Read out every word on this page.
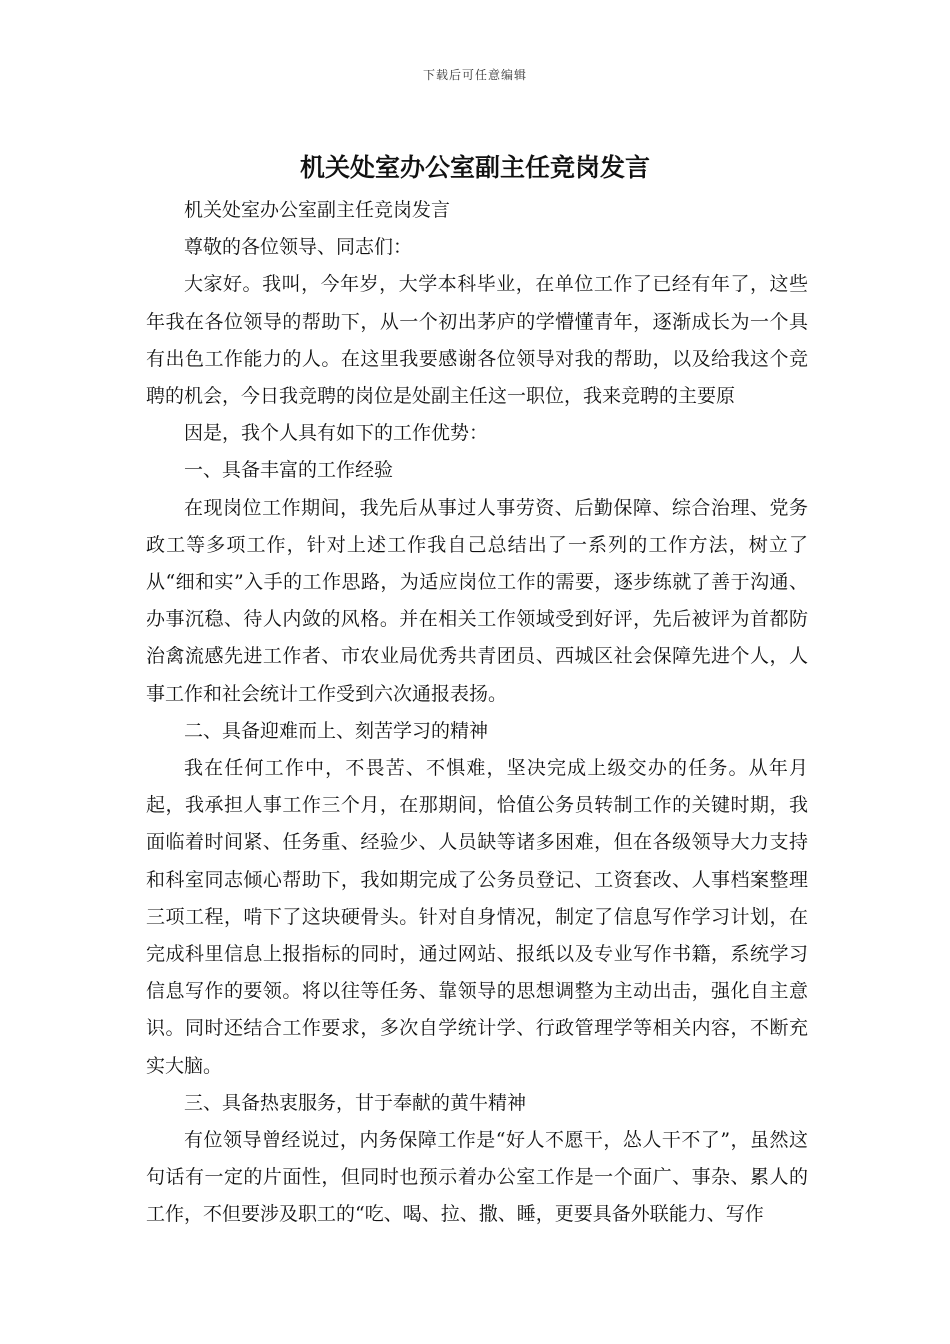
下载后可任意编辑
机关处室办公室副主任竞岗发言

机关处室办公室副主任竞岗发言

尊敬的各位领导、同志们：

大家好。我叫，今年岁，大学本科毕业，在单位工作了已经有年了，这些年我在各位领导的帮助下，从一个初出茅庐的学懵懂青年，逐渐成长为一个具有出色工作能力的人。在这里我要感谢各位领导对我的帮助，以及给我这个竞聘的机会，今日我竞聘的岗位是处副主任这一职位，我来竞聘的主要原

因是，我个人具有如下的工作优势：

一、具备丰富的工作经验

在现岗位工作期间，我先后从事过人事劳资、后勤保障、综合治理、党务政工等多项工作，针对上述工作我自己总结出了一系列的工作方法，树立了从“细和实”入手的工作思路，为适应岗位工作的需要，逐步练就了善于沟通、办事沉稳、待人内敛的风格。并在相关工作领域受到好评，先后被评为首都防治禽流感先进工作者、市农业局优秀共青团员、西城区社会保障先进个人，人事工作和社会统计工作受到六次通报表扬。

二、具备迎难而上、刻苦学习的精神

我在任何工作中，不畏苦、不惧难，坚决完成上级交办的任务。从年月起，我承担人事工作三个月，在那期间，恰值公务员转制工作的关键时期，我面临着时间紧、任务重、经验少、人员缺等诸多困难，但在各级领导大力支持和科室同志倾心帮助下，我如期完成了公务员登记、工资套改、人事档案整理三项工程，啃下了这块硬骨头。针对自身情况，制定了信息写作学习计划，在完成科里信息上报指标的同时，通过网站、报纸以及专业写作书籍，系统学习信息写作的要领。将以往等任务、靠领导的思想调整为主动出击，强化自主意识。同时还结合工作要求，多次自学统计学、行政管理学等相关内容，不断充实大脑。

三、具备热衷服务，甘于奉献的黄牛精神

有位领导曾经说过，内务保障工作是“好人不愿干，怂人干不了”，虽然这句话有一定的片面性，但同时也预示着办公室工作是一个面广、事杂、累人的工作，不但要涉及职工的“吃、喝、拉、撒、睡，更要具备外联能力、写作
